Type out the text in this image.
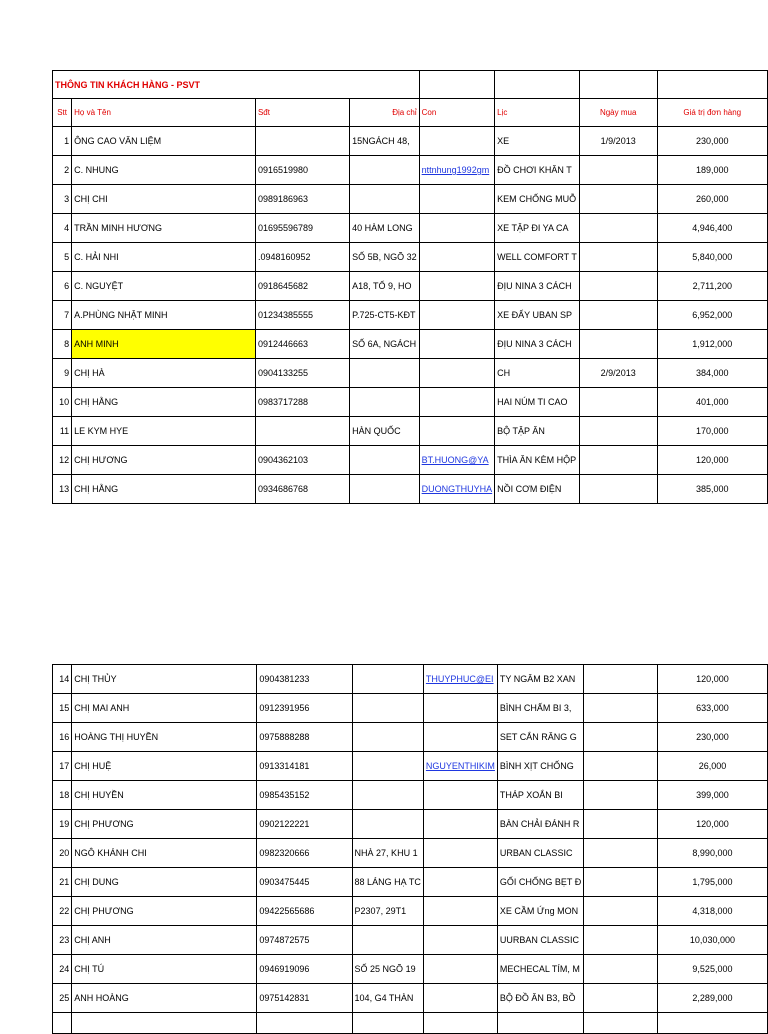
THÔNG TIN KHÁCH HÀNG - PSVT							
Stt	Họ và Tên	Sđt	Địa chỉ	Con	Lịc	Ngày mua	Giá trị đơn hàng
1	ÔNG CAO VĂN LIỆM		15NGÁCH 48,		XE	1/9/2013	230,000
2	C. NHUNG	0916519980		nttnhung1992gm	ĐỒ CHƠI KHĂN T		189,000
3	CHỊ CHI	0989186963			KEM CHỐNG MUỖ		260,000
4	TRẦN MINH HƯƠNG	01695596789	40 HÀM LONG		XE TẬP ĐI YA CA		4,946,400
5	C. HẢI NHI	.0948160952	SỐ 5B, NGÕ 32		WELL COMFORT T		5,840,000
6	C. NGUYỆT	0918645682	A18, TỔ 9, HO		ĐỊU NINA 3 CÁCH		2,711,200
7	A.PHÙNG NHẬT MINH	01234385555	P.725-CT5-KĐT		XE ĐẨY UBAN SP		6,952,000
8	ANH MINH	0912446663	SỐ 6A, NGÁCH		ĐỊU NINA 3 CÁCH		1,912,000
9	CHỊ HÀ	0904133255			CH	2/9/2013	384,000
10	CHỊ HẰNG	0983717288			HAI NÚM TI CAO		401,000
11	LE KYM HYE		HÀN QUỐC		BỘ TẬP ĂN		170,000
12	CHỊ HƯƠNG	0904362103		BT.HUONG@YA	THÌA ĂN KÈM HỘP		120,000
13	CHỊ HẰNG	0934686768		DUONGTHUYHA	NỒI CƠM ĐIỆN		385,000
14	CHỊ THỦY	0904381233		THUYPHUC@EI	TY NGÂM B2 XAN		120,000
15	CHỊ MAI ANH	0912391956			BÌNH CHẤM BI 3,		633,000
16	HOÀNG THỊ HUYỀN	0975888288			SET CẮN RĂNG G		230,000
17	CHỊ HUỆ	0913314181		NGUYENTHIKIM	BÌNH XỊT CHỐNG		26,000
18	CHỊ HUYỀN	0985435152			THÁP XOẮN BI		399,000
19	CHỊ PHƯƠNG	0902122221			BÀN CHẢI ĐÁNH R		120,000
20	NGÔ KHÁNH CHI	0982320666	NHÀ 27, KHU 1		URBAN CLASSIC		8,990,000
21	CHỊ DUNG	0903475445	88 LÁNG HẠ TC		GỐI CHỐNG BẸT Đ		1,795,000
22	CHỊ PHƯƠNG	09422565686	P2307, 29T1		XE CẦM Ứng MON		4,318,000
23	CHỊ ANH	0974872575			UURBAN CLASSIC		10,030,000
24	CHỊ TÚ	0946919096	SỐ 25 NGÕ 19		MECHECAL TÍM, M		9,525,000
25	ANH HOÀNG	0975142831	104, G4 THÀN		BỘ ĐỒ ĂN B3, BỒ		2,289,000
